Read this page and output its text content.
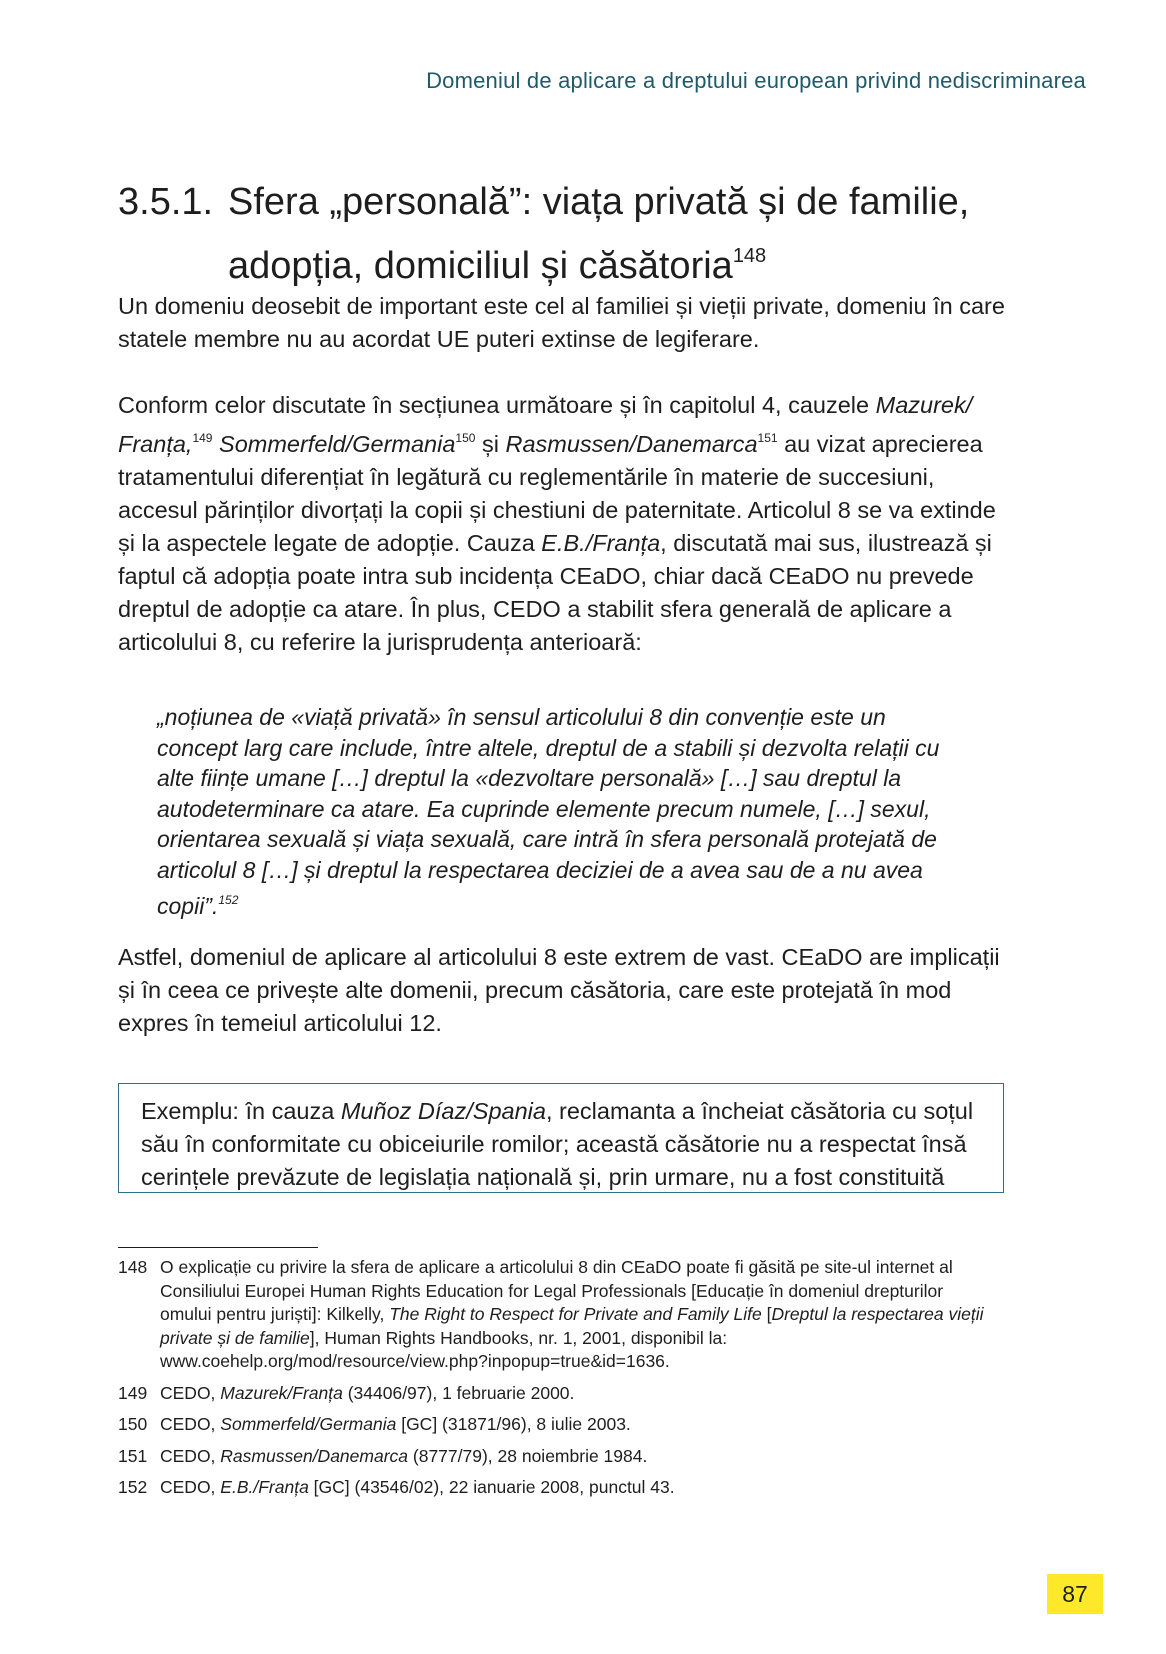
Domeniul de aplicare a dreptului european privind nediscriminarea
3.5.1. Sfera „personală”: viața privată și de familie,
adopția, domiciliul și căsătoria$^{148}$

Un domeniu deosebit de important este cel al familiei și vieții private, domeniu în care statele membre nu au acordat UE puteri extinse de legiferare.

Conform celor discutate în secțiunea următoare și în capitolul 4, cauzele Mazurek/ Franța,$^{149}$ Sommerfeld/Germania$^{150}$ și Rasmussen/Danemarca$^{151}$ au vizat aprecierea tratamentului diferențiat în legătură cu reglementările în materie de succesiuni, accesul părinților divorțați la copii și chestiuni de paternitate. Articolul 8 se va extinde și la aspectele legate de adopție. Cauza E.B./Franța, discutată mai sus, ilustrează și faptul că adopția poate intra sub incidența CEaDO, chiar dacă CEaDO nu prevede dreptul de adopție ca atare. În plus, CEDO a stabilit sfera generală de aplicare a articolului 8, cu referire la jurisprudența anterioară:

„noțiunea de «viață privată» în sensul articolului 8 din convenție este un concept larg care include, între altele, dreptul de a stabili și dezvolta relații cu alte ființe umane […] dreptul la «dezvoltare personală» […] sau dreptul la autodeterminare ca atare. Ea cuprinde elemente precum numele, […] sexul, orientarea sexuală și viața sexuală, care intră în sfera personală protejată de articolul 8 […] și dreptul la respectarea deciziei de a avea sau de a nu avea copii”.$^{152}$

Astfel, domeniul de aplicare al articolului 8 este extrem de vast. CEaDO are implicații și în ceea ce privește alte domenii, precum căsătoria, care este protejată în mod expres în temeiul articolului 12.

Exemplu: în cauza Muñoz Díaz/Spania, reclamanta a încheiat căsătoria cu soțul său în conformitate cu obiceiurile romilor; această căsătorie nu a respectat însă cerințele prevăzute de legislația națională și, prin urmare, nu a fost constituită
148 O explicație cu privire la sfera de aplicare a articolului 8 din CEaDO poate fi găsită pe site-ul internet al Consiliului Europei Human Rights Education for Legal Professionals [Educație în domeniul drepturilor omului pentru juriști]: Kilkelly, The Right to Respect for Private and Family Life [Dreptul la respectarea vieții private și de familie], Human Rights Handbooks, nr. 1, 2001, disponibil la: www.coehelp.org/mod/resource/view.php?inpopup=true&id=1636.
149 CEDO, Mazurek/Franța (34406/97), 1 februarie 2000.
150 CEDO, Sommerfeld/Germania [GC] (31871/96), 8 iulie 2003.
151 CEDO, Rasmussen/Danemarca (8777/79), 28 noiembrie 1984.
152 CEDO, E.B./Franța [GC] (43546/02), 22 ianuarie 2008, punctul 43.
87
